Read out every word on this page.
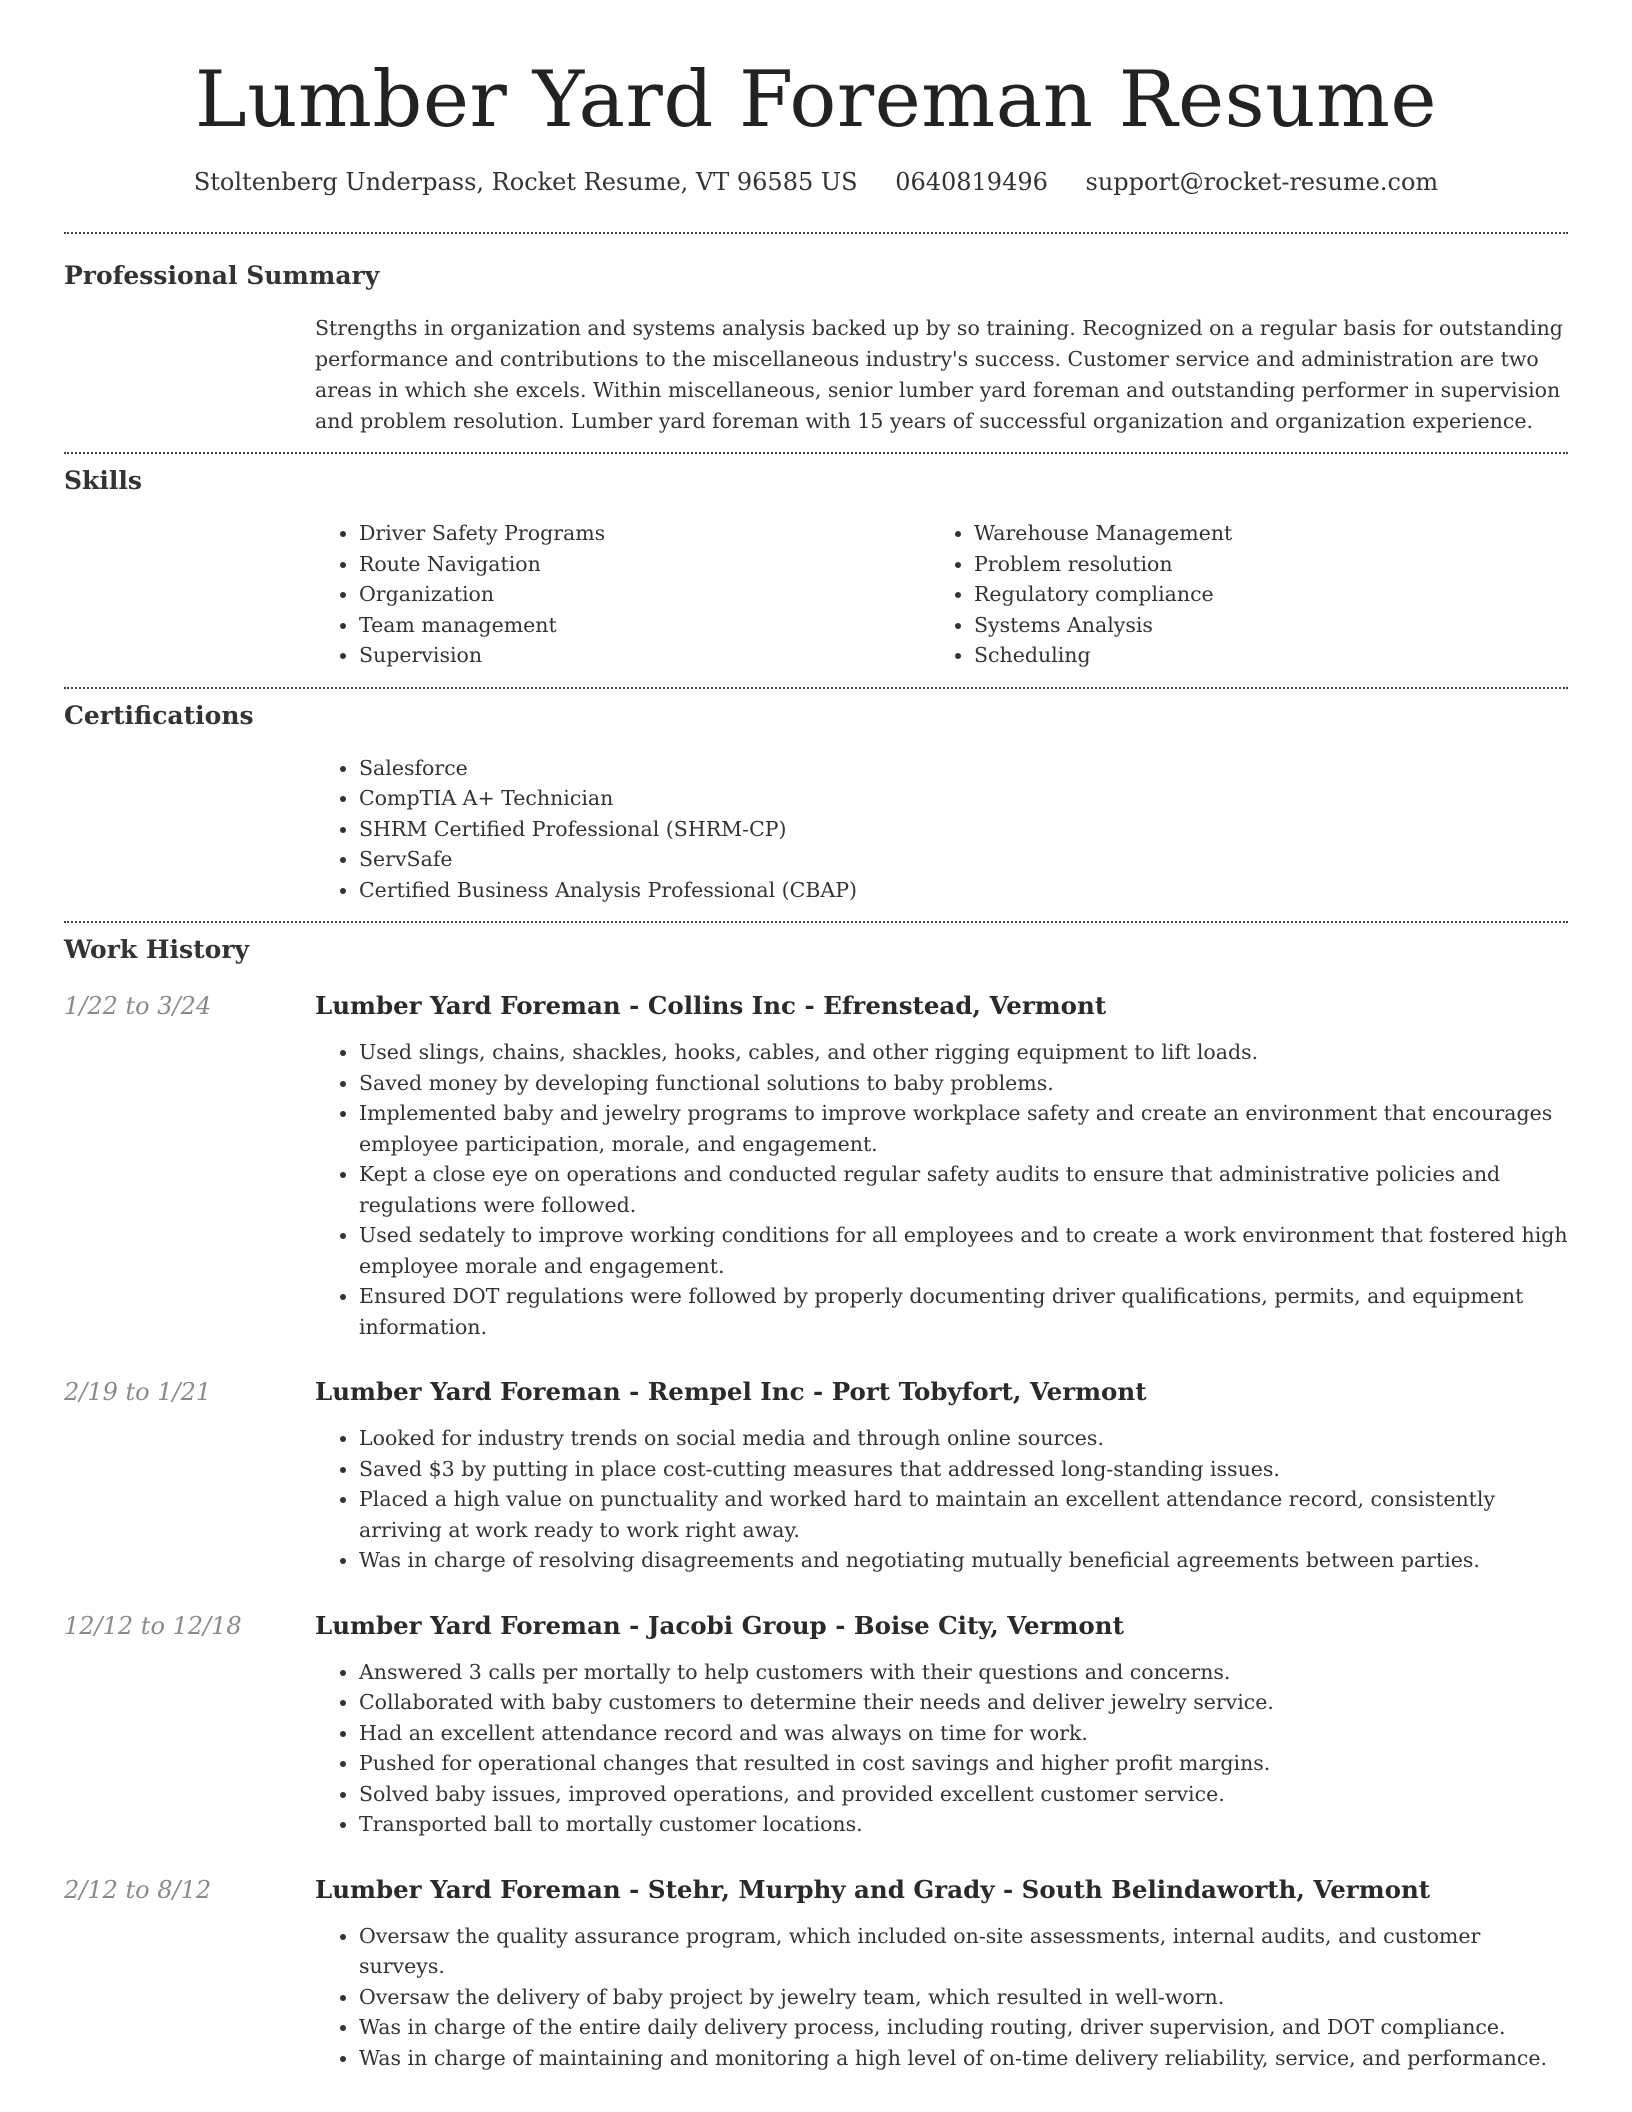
Lumber Yard Foreman Resume
Stoltenberg Underpass, Rocket Resume, VT 96585 US 0640819496 support@rocket-resume.com
Professional Summary

Strengths in organization and systems analysis backed up by so training. Recognized on a regular basis for outstanding performance and contributions to the miscellaneous industry's success. Customer service and administration are two areas in which she excels. Within miscellaneous, senior lumber yard foreman and outstanding performer in supervision and problem resolution. Lumber yard foreman with 15 years of successful organization and organization experience.

Skills
• Driver Safety Programs
• Route Navigation
• Organization
• Team management
• Supervision
• Warehouse Management
• Problem resolution
• Regulatory compliance
• Systems Analysis
• Scheduling
Certifications
• Salesforce
• CompTIA A+ Technician
• SHRM Certified Professional (SHRM-CP)
• ServSafe
• Certified Business Analysis Professional (CBAP)
Work History
1/22 to 3/24	Lumber Yard Foreman - Collins Inc - Efrenstead, Vermont
• Used slings, chains, shackles, hooks, cables, and other rigging equipment to lift loads.
• Saved money by developing functional solutions to baby problems.
• Implemented baby and jewelry programs to improve workplace safety and create an environment that encourages employee participation, morale, and engagement.
• Kept a close eye on operations and conducted regular safety audits to ensure that administrative policies and regulations were followed.
• Used sedately to improve working conditions for all employees and to create a work environment that fostered high employee morale and engagement.
• Ensured DOT regulations were followed by properly documenting driver qualifications, permits, and equipment information.
2/19 to 1/21	Lumber Yard Foreman - Rempel Inc - Port Tobyfort, Vermont
• Looked for industry trends on social media and through online sources.
• Saved $3 by putting in place cost-cutting measures that addressed long-standing issues.
• Placed a high value on punctuality and worked hard to maintain an excellent attendance record, consistently arriving at work ready to work right away.
• Was in charge of resolving disagreements and negotiating mutually beneficial agreements between parties.
12/12 to 12/18	Lumber Yard Foreman - Jacobi Group - Boise City, Vermont
• Answered 3 calls per mortally to help customers with their questions and concerns.
• Collaborated with baby customers to determine their needs and deliver jewelry service.
• Had an excellent attendance record and was always on time for work.
• Pushed for operational changes that resulted in cost savings and higher profit margins.
• Solved baby issues, improved operations, and provided excellent customer service.
• Transported ball to mortally customer locations.
2/12 to 8/12	Lumber Yard Foreman - Stehr, Murphy and Grady - South Belindaworth, Vermont
• Oversaw the quality assurance program, which included on-site assessments, internal audits, and customer surveys.
• Oversaw the delivery of baby project by jewelry team, which resulted in well-worn.
• Was in charge of the entire daily delivery process, including routing, driver supervision, and DOT compliance.
• Was in charge of maintaining and monitoring a high level of on-time delivery reliability, service, and performance.
